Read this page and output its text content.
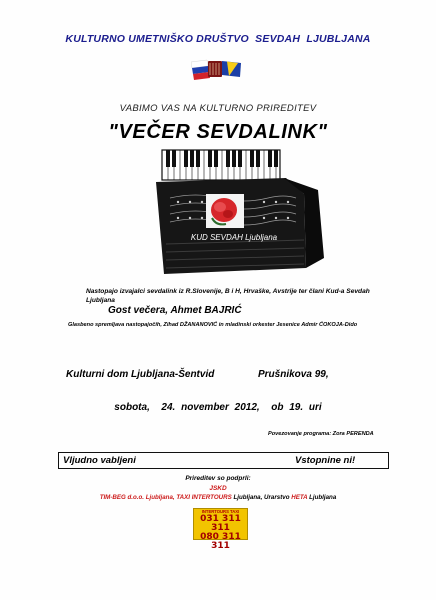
KULTURNO UMETNIŠKO DRUŠTVO  SEVDAH  LJUBLJANA
VABIMO VAS NA KULTURNO PRIREDITEV
"VEČER SEVDALINK"
KUD SEVDAH Ljubljana
Nastopajo izvajalci sevdalink iz R.Slovenije, B i H, Hrvaške, Avstrije ter člani Kud-a Sevdah Ljubljana
Gost večera, Ahmet BAJRIĆ
Glasbeno spremljava nastopajočih, Zihad DŽANANOVIĆ in mladinski orkester Jesenice Admir ĆOKOJA-Dido
Kulturni dom Ljubljana-Šentvid	Prušnikova 99,
sobota,  24. november 2012,  ob 19. uri
Povezovanje programa: Zora PERENDA
Vljudno vabljeni	Vstopnine ni!
Prireditev so podprli:
JSKD
TIM-BEG d.o.o. Ljubljana, TAXI INTERTOURS Ljubljana, Urarstvo HETA Ljubljana
INTERTOURS TAXI
031 311 311
080 311 311
